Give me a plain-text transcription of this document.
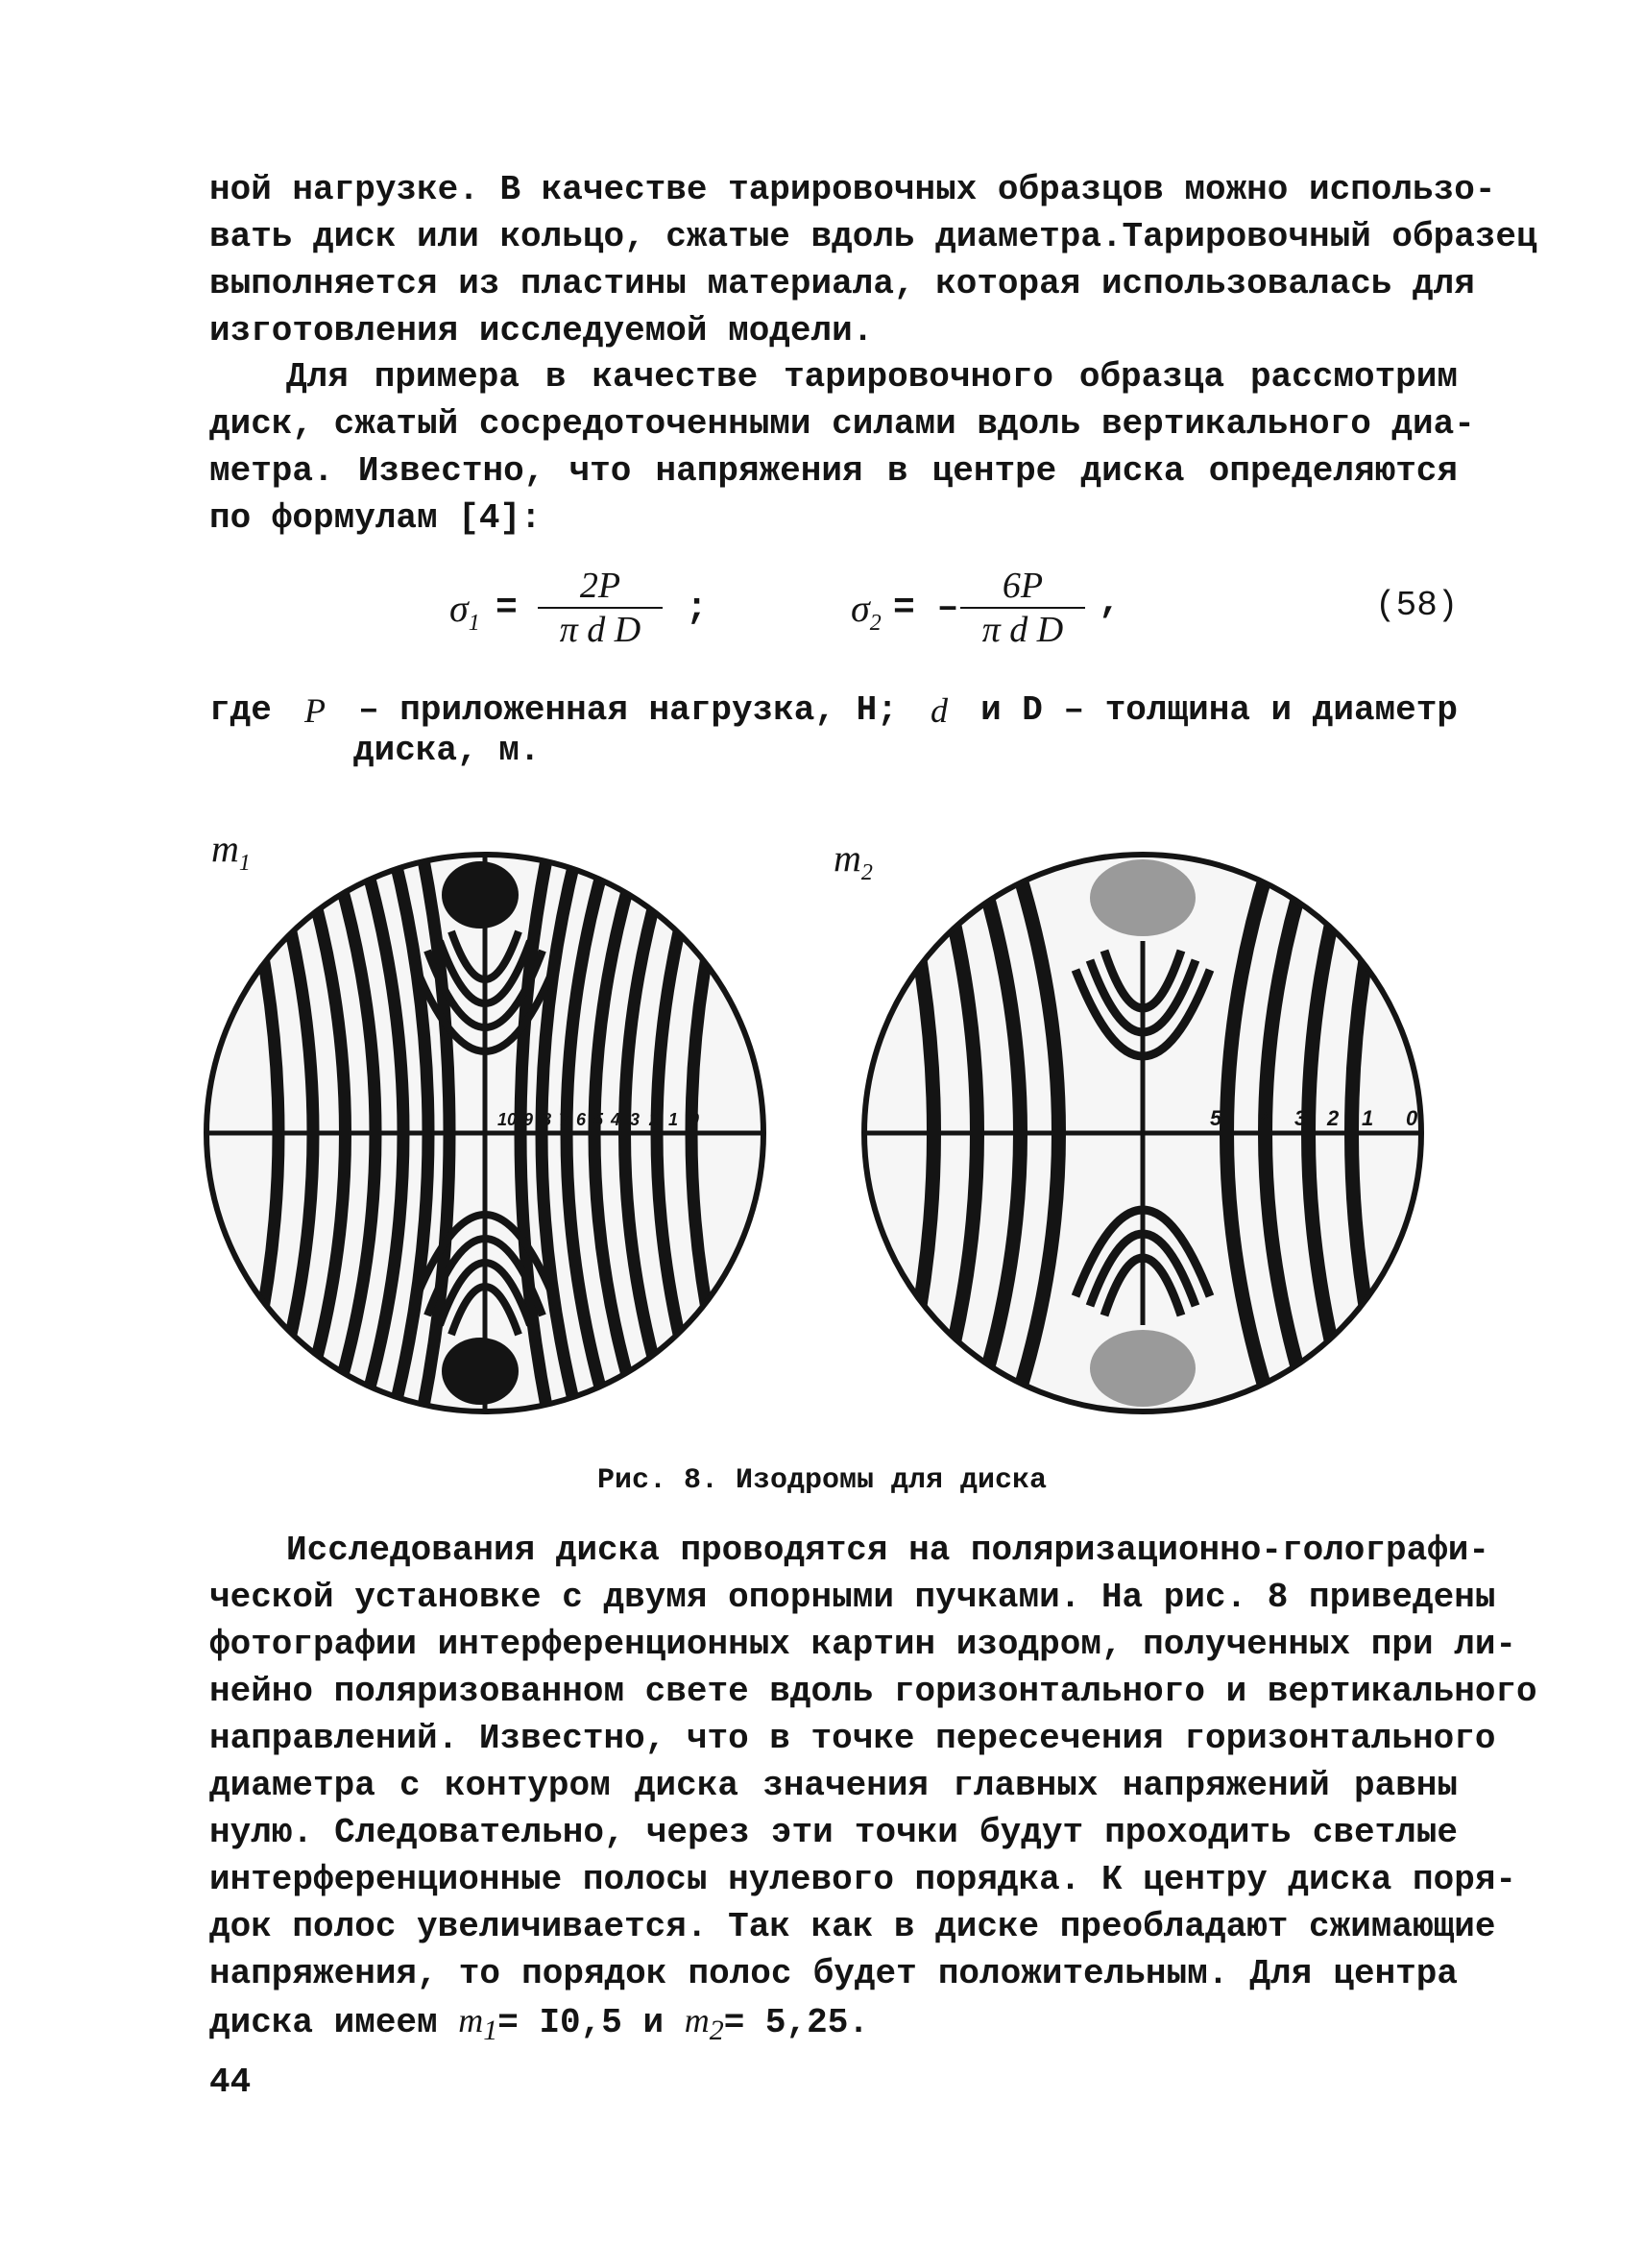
ной нагрузке. В качестве тарировочных образцов можно использо-
вать диск или кольцо, сжатые вдоль диаметра.Тарировочный образец
выполняется из пластины материала, которая использовалась для
изготовления исследуемой модели.
Для примера в качестве тарировочного образца рассмотрим
диск, сжатый сосредоточенными силами вдоль вертикального диа-
метра. Известно, что напряжения в центре диска определяются
по формулам [4]:
$\sigma_1$ =
2P
π d D
;	$\sigma_2$ = –
6P
π d D
,	(58)
где P – приложенная нагрузка, Н; d и D – толщина и диаметр
диска, м.
$m_1$	$m_2$
10 9 8 7 6 5 4 3 2 1 0	5 4 3 2 1 0
Рис. 8. Изодромы для диска
Исследования диска проводятся на поляризационно-голографи-
ческой установке с двумя опорными пучками. На рис. 8 приведены
фотографии интерференционных картин изодром, полученных при ли-
нейно поляризованном свете вдоль горизонтального и вертикального
направлений. Известно, что в точке пересечения горизонтального
диаметра с контуром диска значения главных напряжений равны
нулю. Следовательно, через эти точки будут проходить светлые
интерференционные полосы нулевого порядка. К центру диска поря-
док полос увеличивается. Так как в диске преобладают сжимающие
напряжения, то порядок полос будет положительным. Для центра
диска имеем $m_1= I0,5$ и $m_2= 5,25$.
44
